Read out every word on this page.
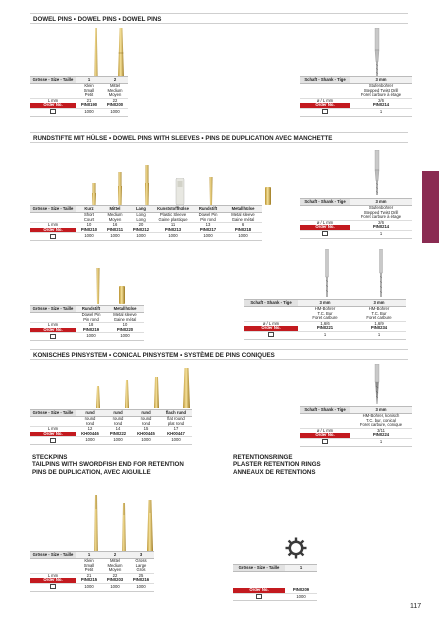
DOWEL PINS • DOWEL PINS • DOWEL PINS
Grösse - Size - Taille	1	2
	Klein
Small
Petit	Mittel
Medium
Moyen
L mm	21	22
Order No.	PIN0190	PIN0200
	1000	1000
Schaft - Shank - Tige	3 mm
	Stufenbohrer
Stepped Twist Drill
Foret carbure à étage
ø / L mm	2/6
Order No.	PIN0214
	1
RUNDSTIFTE MIT HÜLSE • DOWEL PINS WITH SLEEVES • PINS DE DUPLICATION AVEC MANCHETTE
Grösse - Size - Taille	Kurz	Mittel	Lang	Kunststoffhülse	Rundstift	Metallhülse
	Short
Court	Medium
Moyen	Long
Long	Plastic Sleeve
Gaine plastique	Dowel Pin
Pin rond	Metal sleeve
Gaine métal
L mm	10	16	20	11	13	6
Order No.	PIN0210	PIN0211	PIN0212	PIN0213	PIN0217	PIN0218
	1000	1000	1000	1000	1000	1000
Schaft - Shank - Tige	3 mm
	Stufenbohrer
Stepped Twist Drill
Foret carbure à étage
ø / L mm	2/6
Order No.	PIN0214
	1
Grösse - Size - Taille	Rundstift	Metallhülse
	Dowel Pin
Pin rond	Metal sleeve
Gaine métal
L mm	18	10
Order No.	PIN0219	PIN0220
	1000	1000
Schaft - Shank - Tige	3 mm	3 mm
	HM-Bohrer
T.C. Bur
Foret carbure	HM-Bohrer
T.C. Bur
Foret carbure
ø / L mm	1,6/6	1,6/9
Order No.	PIN0221	PIN0234
	1	1
KONISCHES PINSYSTEM • CONICAL PINSYSTEM • SYSTÈME DE PINS CONIQUES
Grösse - Size - Taille	rund	rund	rund	flach rund
	round
rond	round
rond	round
rond	flat round
plat rond
L mm	12	14	15	17
Order No.	KH00446	PIN0222	KH00445	KH00447
	1000	1000	1000	1000
Schaft - Shank - Tige	3 mm
	HM-Bohrer, konisch
T.C. bur, conical
Foret carbure, conique
ø / L mm	3/11
Order No.	PIN0224
	1
STECKPINS
TAILPINS WITH SWORDFISH END FOR RETENTION
PINS DE DUPLICATION, AVEC AIGUILLE
Grösse - Size - Taille	1	2	3
	Klein
Small
Petit	Mittel
Medium
Moyen	Gross
Large
Gros
L mm	21	22	25
Order No.	PIN0215	PIN0203	PIN0216
	1000	1000	1000
RETENTIONSRINGE
PLASTER RETENTION RINGS
ANNEAUX DE RETENTIONS
Grösse - Size - Taille	1

Order No.	PIN0209
	1000
117
